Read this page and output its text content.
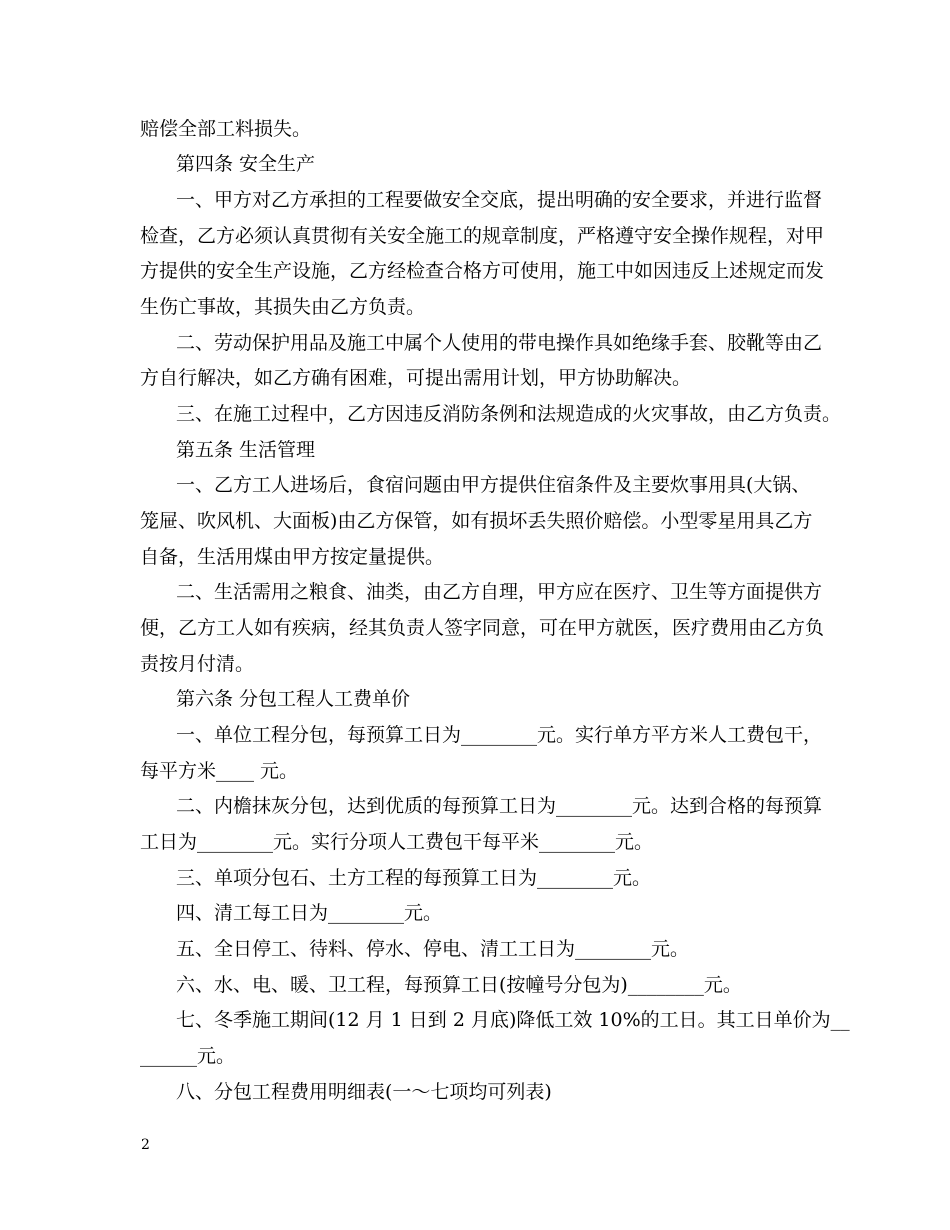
赔偿全部工料损失。
第四条 安全生产
一、甲方对乙方承担的工程要做安全交底，提出明确的安全要求，并进行监督
检查，乙方必须认真贯彻有关安全施工的规章制度，严格遵守安全操作规程，对甲
方提供的安全生产设施，乙方经检查合格方可使用，施工中如因违反上述规定而发
生伤亡事故，其损失由乙方负责。
二、劳动保护用品及施工中属个人使用的带电操作具如绝缘手套、胶靴等由乙
方自行解决，如乙方确有困难，可提出需用计划，甲方协助解决。
三、在施工过程中，乙方因违反消防条例和法规造成的火灾事故，由乙方负责。
第五条 生活管理
一、乙方工人进场后，食宿问题由甲方提供住宿条件及主要炊事用具(大锅、
笼屉、吹风机、大面板)由乙方保管，如有损坏丢失照价赔偿。小型零星用具乙方
自备，生活用煤由甲方按定量提供。
二、生活需用之粮食、油类，由乙方自理，甲方应在医疗、卫生等方面提供方
便，乙方工人如有疾病，经其负责人签字同意，可在甲方就医，医疗费用由乙方负
责按月付清。
第六条 分包工程人工费单价
一、单位工程分包，每预算工日为________元。实行单方平方米人工费包干，
每平方米____ 元。
二、内檐抹灰分包，达到优质的每预算工日为________元。达到合格的每预算
工日为________元。实行分项人工费包干每平米________元。
三、单项分包石、土方工程的每预算工日为________元。
四、清工每工日为________元。
五、全日停工、待料、停水、停电、清工工日为________元。
六、水、电、暖、卫工程，每预算工日(按幢号分包为)________元。
七、冬季施工期间(12 月 1 日到 2 月底)降低工效 10%的工日。其工日单价为__
______元。
八、分包工程费用明细表(一～七项均可列表)
2
